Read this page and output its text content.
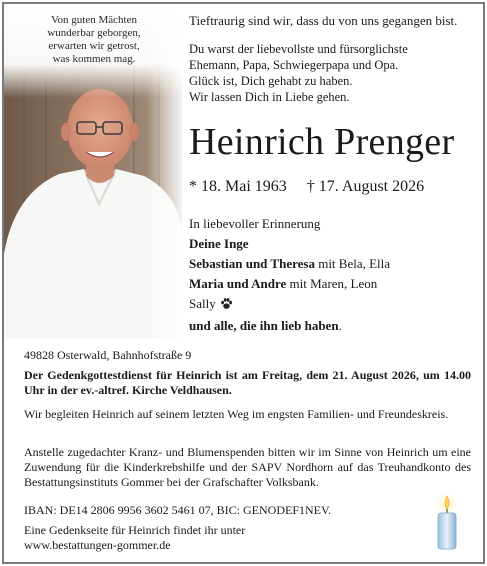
Von guten Mächten
wunderbar geborgen,
erwarten wir getrost,
was kommen mag.
Tieftraurig sind wir, dass du von uns gegangen bist.
Du warst der liebevollste und fürsorglichste
Ehemann, Papa, Schwiegerpapa und Opa.
Glück ist, Dich gehabt zu haben.
Wir lassen Dich in Liebe gehen.
Heinrich Prenger
* 18. Mai 1963 † 17. August 2026
In liebevoller Erinnerung
Deine Inge
Sebastian und Theresa mit Bela, Ella
Maria und Andre mit Maren, Leon
Sally
und alle, die ihn lieb haben.

49828 Osterwald, Bahnhofstraße 9

Der Gedenkgottestdienst für Heinrich ist am Freitag, dem 21. August 2026, um 14.00 Uhr in der ev.-altref. Kirche Veldhausen.

Wir begleiten Heinrich auf seinem letzten Weg im engsten Familien- und Freundeskreis.

Anstelle zugedachter Kranz- und Blumenspenden bitten wir im Sinne von Heinrich um eine Zuwendung für die Kinderkrebshilfe und der SAPV Nordhorn auf das Treuhandkonto des Bestattungsinstituts Gommer bei der Grafschafter Volksbank.

IBAN: DE14 2806 9956 3602 5461 07, BIC: GENODEF1NEV.

Eine Gedenkseite für Heinrich findet ihr unter
www.bestattungen-gommer.de
